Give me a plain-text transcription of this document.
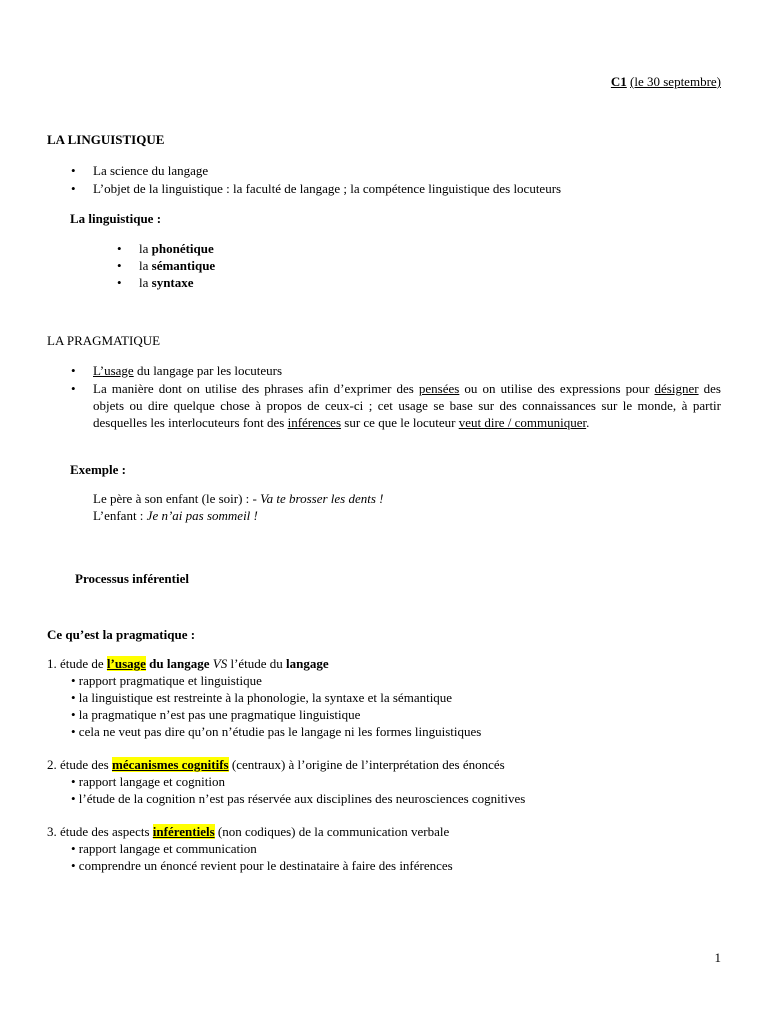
C1 (le 30 septembre)
LA LINGUISTIQUE
• La science du langage
• L’objet de la linguistique : la faculté de langage ; la compétence linguistique des locuteurs
La linguistique :
• la phonétique
• la sémantique
• la syntaxe
LA PRAGMATIQUE
• L’usage du langage par les locuteurs
• La manière dont on utilise des phrases afin d’exprimer des pensées ou on utilise des expressions pour désigner des objets ou dire quelque chose à propos de ceux-ci ; cet usage se base sur des connaissances sur le monde, à partir desquelles les interlocuteurs font des inférences sur ce que le locuteur veut dire / communiquer.
Exemple :
Le père à son enfant (le soir) : - Va te brosser les dents !
L’enfant : Je n’ai pas sommeil !
Processus inférentiel
Ce qu’est la pragmatique :
1. étude de l’usage du langage VS l’étude du langage
• rapport pragmatique et linguistique
• la linguistique est restreinte à la phonologie, la syntaxe et la sémantique
• la pragmatique n’est pas une pragmatique linguistique
• cela ne veut pas dire qu’on n’étudie pas le langage ni les formes linguistiques
2. étude des mécanismes cognitifs (centraux) à l’origine de l’interprétation des énoncés
• rapport langage et cognition
• l’étude de la cognition n’est pas réservée aux disciplines des neurosciences cognitives
3. étude des aspects inférentiels (non codiques) de la communication verbale
• rapport langage et communication
• comprendre un énoncé revient pour le destinataire à faire des inférences
1
